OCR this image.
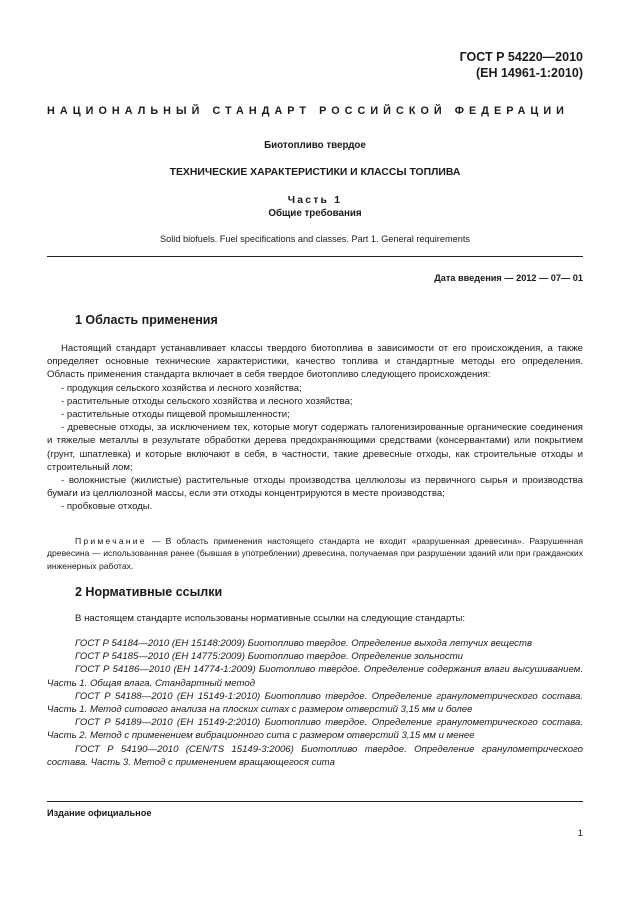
ГОСТ Р 54220—2010
(ЕН 14961-1:2010)
НАЦИОНАЛЬНЫЙ СТАНДАРТ РОССИЙСКОЙ ФЕДЕРАЦИИ
Биотопливо твердое
ТЕХНИЧЕСКИЕ ХАРАКТЕРИСТИКИ И КЛАССЫ ТОПЛИВА
Часть 1
Общие требования
Solid biofuels. Fuel specifications and classes. Part 1. General requirements
Дата введения — 2012 — 07— 01
1 Область применения

Настоящий стандарт устанавливает классы твердого биотоплива в зависимости от его происхождения, а также определяет основные технические характеристики, качество топлива и стандартные методы его определения. Область применения стандарта включает в себя твердое биотопливо следующего происхождения:

- продукция сельского хозяйства и лесного хозяйства;

- растительные отходы сельского хозяйства и лесного хозяйства;

- растительные отходы пищевой промышленности;

- древесные отходы, за исключением тех, которые могут содержать галогенизированные органические соединения и тяжелые металлы в результате обработки дерева предохраняющими средствами (консервантами) или покрытием (грунт, шпатлевка) и которые включают в себя, в частности, такие древесные отходы, как строительные отходы и строительный лом;

- волокнистые (жилистые) растительные отходы производства целлюлозы из первичного сырья и производства бумаги из целлюлозной массы, если эти отходы концентрируются в месте производства;

- пробковые отходы.

Примечание — В область применения настоящего стандарта не входит «разрушенная древесина». Разрушенная древесина — использованная ранее (бывшая в употреблении) древесина, получаемая при разрушении зданий или при гражданских инженерных работах.

2 Нормативные ссылки
В настоящем стандарте использованы нормативные ссылки на следующие стандарты:

ГОСТ Р 54184—2010 (ЕН 15148:2009) Биотопливо твердое. Определение выхода летучих веществ

ГОСТ Р 54185—2010 (ЕН 14775:2009) Биотопливо твердое. Определение зольности

ГОСТ Р 54186—2010 (ЕН 14774-1:2009) Биотопливо твердое. Определение содержания влаги высушиванием. Часть 1. Общая влага. Стандартный метод

ГОСТ Р 54188—2010 (ЕН 15149-1:2010) Биотопливо твердое. Определение гранулометрического состава. Часть 1. Метод ситового анализа на плоских ситах с размером отверстий 3,15 мм и более

ГОСТ Р 54189—2010 (ЕН 15149-2:2010) Биотопливо твердое. Определение гранулометрического состава. Часть 2. Метод с применением вибрационного сита с размером отверстий 3,15 мм и менее

ГОСТ Р 54190—2010 (CEN/TS 15149-3:2006) Биотопливо твердое. Определение гранулометрического состава. Часть 3. Метод с применением вращающегося сита

Издание официальное
1
